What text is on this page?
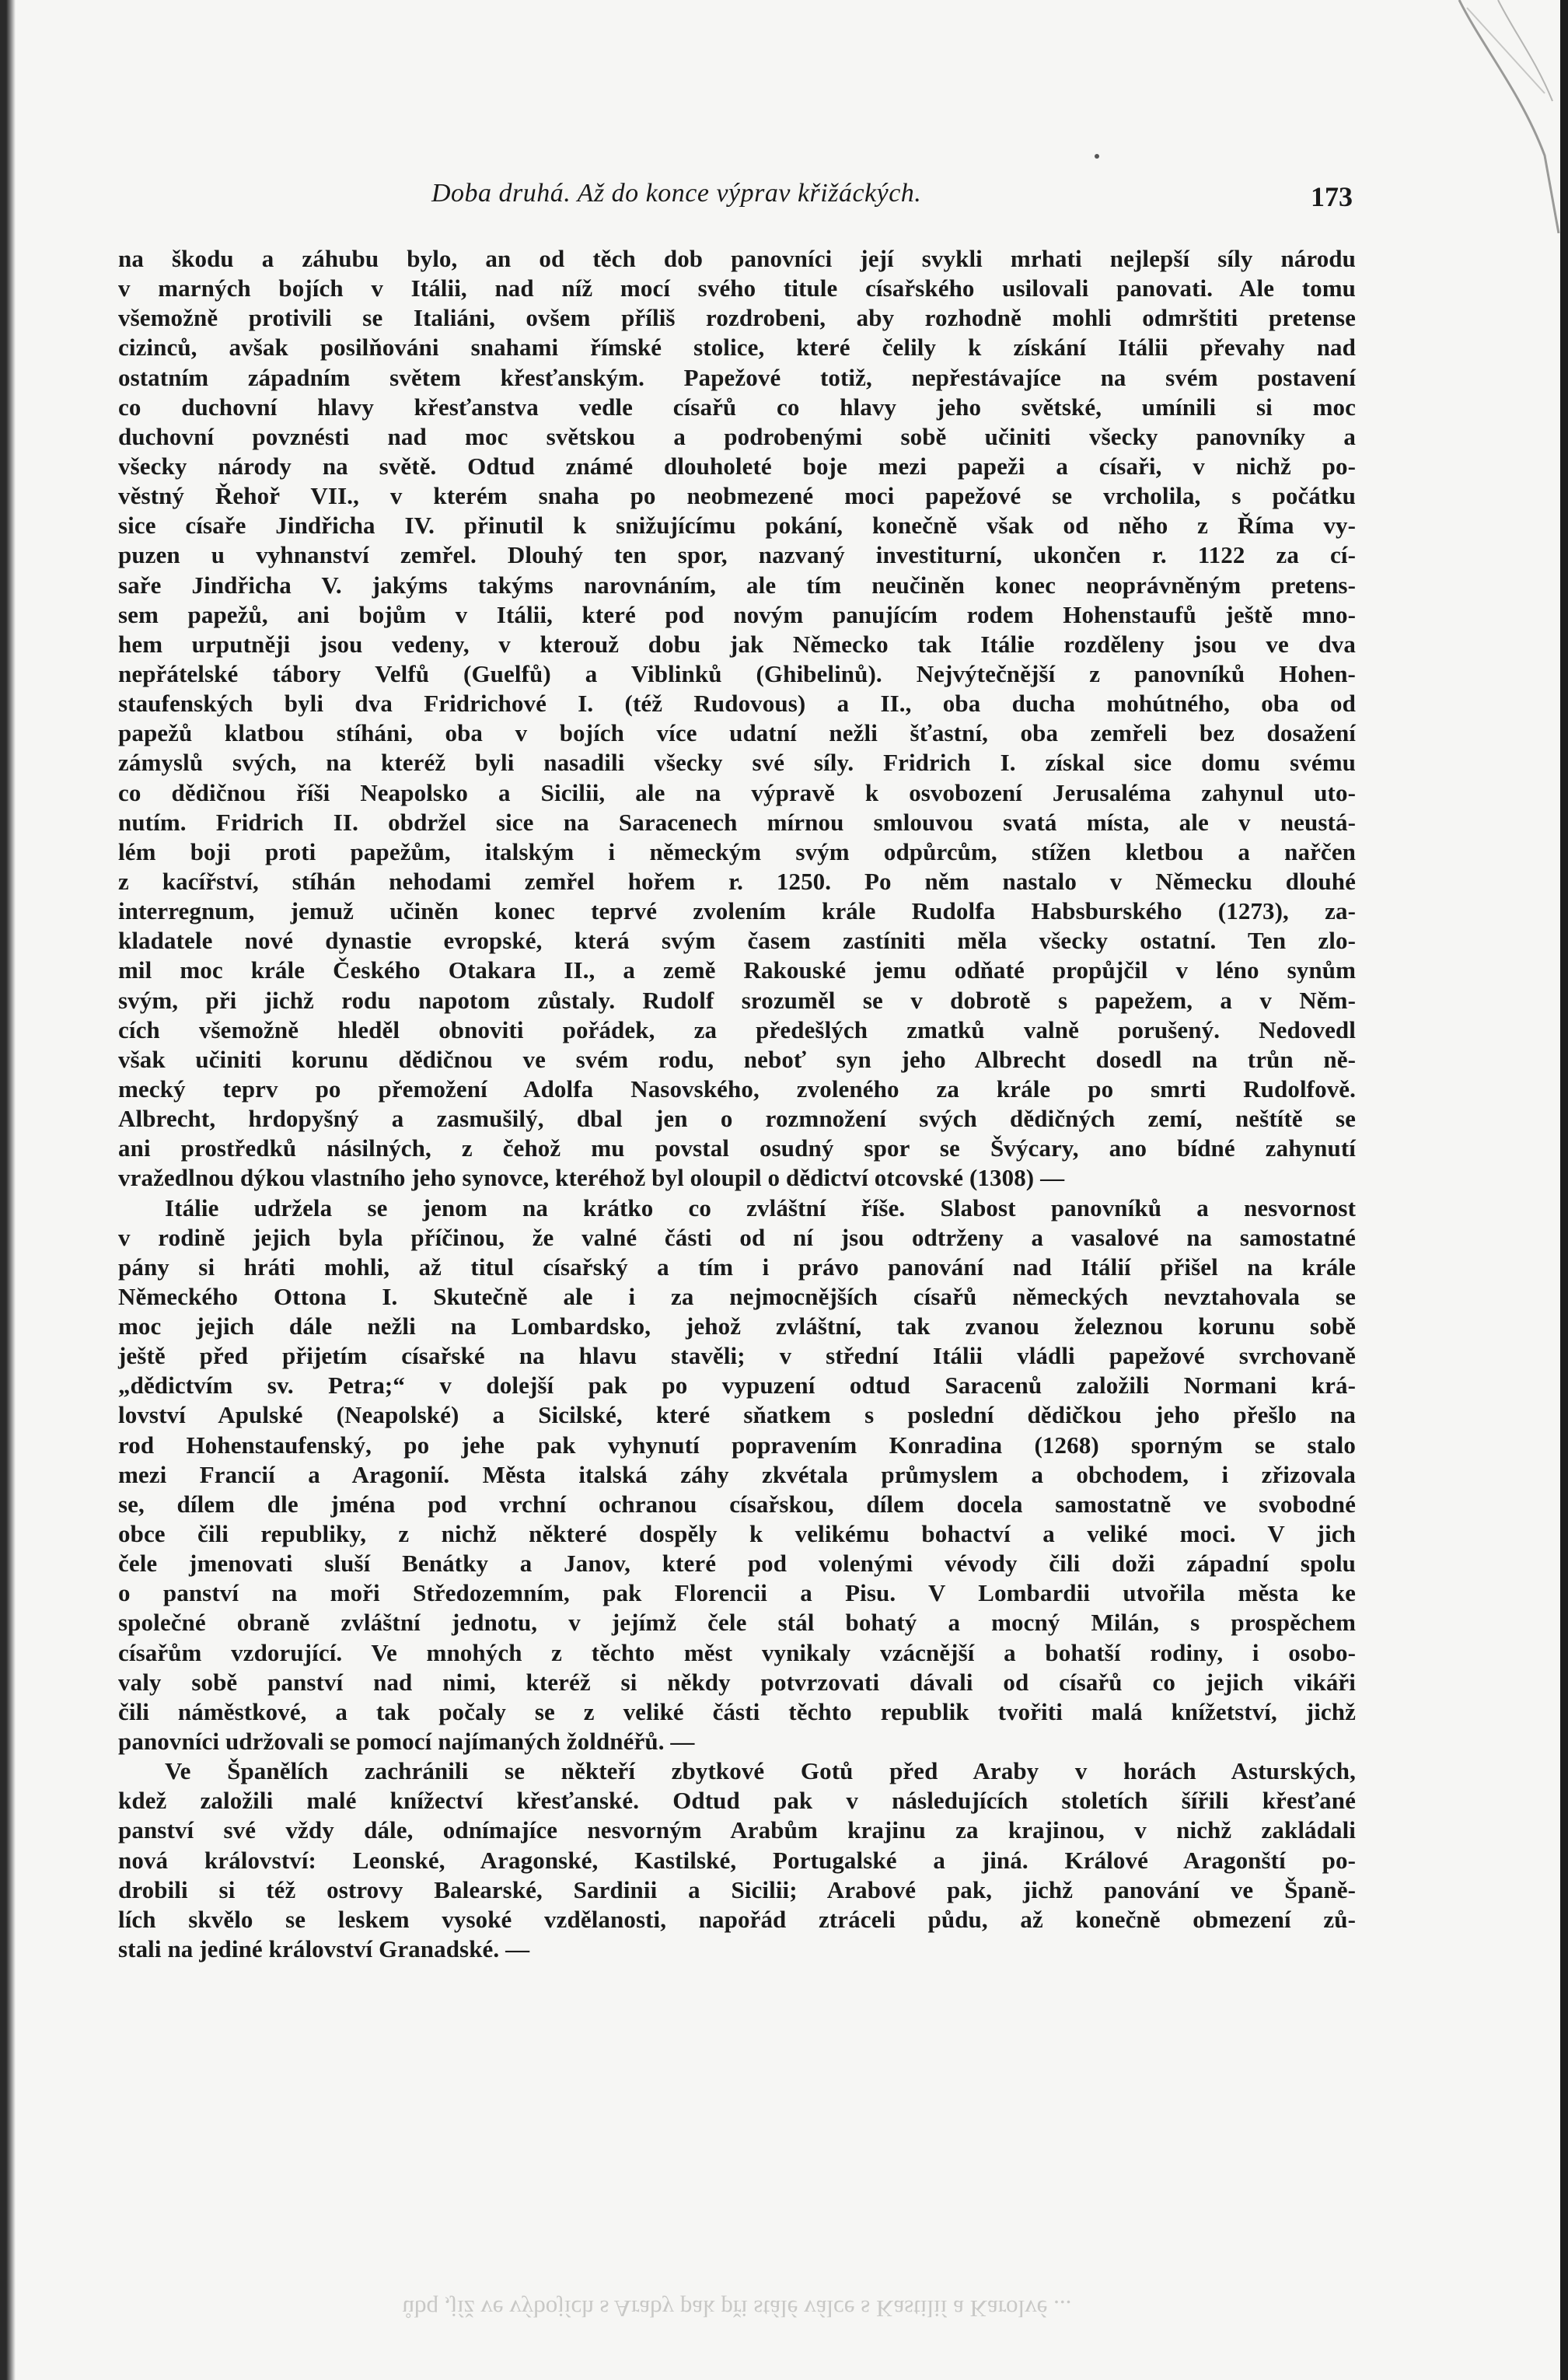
Doba druhá. Až do konce výprav křižáckých.	173
na škodu a záhubu bylo, an od těch dob panovníci její svykli mrhati nejlepší síly národu
v marných bojích v Itálii, nad níž mocí svého titule císařského usilovali panovati. Ale tomu
všemožně protivili se Italiáni, ovšem příliš rozdrobeni, aby rozhodně mohli odmrštiti pretense
cizinců, avšak posilňováni snahami římské stolice, které čelily k získání Itálii převahy nad
ostatním západním světem křesťanským. Papežové totiž, nepřestávajíce na svém postavení
co duchovní hlavy křesťanstva vedle císařů co hlavy jeho světské, umínili si moc
duchovní povznésti nad moc světskou a podrobenými sobě učiniti všecky panovníky a
všecky národy na světě. Odtud známé dlouholeté boje mezi papeži a císaři, v nichž po-
věstný Řehoř VII., v kterém snaha po neobmezené moci papežové se vrcholila, s počátku
sice císaře Jindřicha IV. přinutil k snižujícímu pokání, konečně však od něho z Říma vy-
puzen u vyhnanství zemřel. Dlouhý ten spor, nazvaný investiturní, ukončen r. 1122 za cí-
saře Jindřicha V. jakýms takýms narovnáním, ale tím neučiněn konec neoprávněným pretens-
sem papežů, ani bojům v Itálii, které pod novým panujícím rodem Hohenstaufů ještě mno-
hem urputněji jsou vedeny, v kterouž dobu jak Německo tak Itálie rozděleny jsou ve dva
nepřátelské tábory Velfů (Guelfů) a Viblinků (Ghibelinů). Nejvýtečnější z panovníků Hohen-
staufenských byli dva Fridrichové I. (též Rudovous) a II., oba ducha mohútného, oba od
papežů klatbou stíháni, oba v bojích více udatní nežli šťastní, oba zemřeli bez dosažení
zámyslů svých, na kteréž byli nasadili všecky své síly. Fridrich I. získal sice domu svému
co dědičnou říši Neapolsko a Sicilii, ale na výpravě k osvobození Jerusaléma zahynul uto-
nutím. Fridrich II. obdržel sice na Saracenech mírnou smlouvou svatá místa, ale v neustá-
lém boji proti papežům, italským i německým svým odpůrcům, stížen kletbou a nařčen
z kacířství, stíhán nehodami zemřel hořem r. 1250. Po něm nastalo v Německu dlouhé
interregnum, jemuž učiněn konec teprvé zvolením krále Rudolfa Habsburského (1273), za-
kladatele nové dynastie evropské, která svým časem zastíniti měla všecky ostatní. Ten zlo-
mil moc krále Českého Otakara II., a země Rakouské jemu odňaté propůjčil v léno synům
svým, při jichž rodu napotom zůstaly. Rudolf srozuměl se v dobrotě s papežem, a v Něm-
cích všemožně hleděl obnoviti pořádek, za předešlých zmatků valně porušený. Nedovedl
však učiniti korunu dědičnou ve svém rodu, neboť syn jeho Albrecht dosedl na trůn ně-
mecký teprv po přemožení Adolfa Nasovského, zvoleného za krále po smrti Rudolfově.
Albrecht, hrdopyšný a zasmušilý, dbal jen o rozmnožení svých dědičných zemí, neštítě se
ani prostředků násilných, z čehož mu povstal osudný spor se Švýcary, ano bídné zahynutí
vražedlnou dýkou vlastního jeho synovce, kteréhož byl oloupil o dědictví otcovské (1308) —
Itálie udržela se jenom na krátko co zvláštní říše. Slabost panovníků a nesvornost
v rodině jejich byla příčinou, že valné části od ní jsou odtrženy a vasalové na samostatné
pány si hráti mohli, až titul císařský a tím i právo panování nad Itálií přišel na krále
Německého Ottona I. Skutečně ale i za nejmocnějších císařů německých nevztahovala se
moc jejich dále nežli na Lombardsko, jehož zvláštní, tak zvanou železnou korunu sobě
ještě před přijetím císařské na hlavu stavěli; v střední Itálii vládli papežové svrchovaně
„dědictvím sv. Petra;“ v dolejší pak po vypuzení odtud Saracenů založili Normani krá-
lovství Apulské (Neapolské) a Sicilské, které sňatkem s poslední dědičkou jeho přešlo na
rod Hohenstaufenský, po jehe pak vyhynutí popravením Konradina (1268) sporným se stalo
mezi Francií a Aragonií. Města italská záhy zkvétala průmyslem a obchodem, i zřizovala
se, dílem dle jména pod vrchní ochranou císařskou, dílem docela samostatně ve svobodné
obce čili republiky, z nichž některé dospěly k velikému bohactví a veliké moci. V jich
čele jmenovati sluší Benátky a Janov, které pod volenými vévody čili doži západní spolu
o panství na moři Středozemním, pak Florencii a Pisu. V Lombardii utvořila města ke
společné obraně zvláštní jednotu, v jejímž čele stál bohatý a mocný Milán, s prospěchem
císařům vzdorující. Ve mnohých z těchto měst vynikaly vzácnější a bohatší rodiny, i osobo-
valy sobě panství nad nimi, kteréž si někdy potvrzovati dávali od císařů co jejich vikáři
čili náměstkové, a tak počaly se z veliké části těchto republik tvořiti malá knížetství, jichž
panovníci udržovali se pomocí najímaných žoldnéřů. —
Ve Španělích zachránili se někteří zbytkové Gotů před Araby v horách Asturských,
kdež založili malé knížectví křesťanské. Odtud pak v následujících stoletích šířili křesťané
panství své vždy dále, odnímajíce nesvorným Arabům krajinu za krajinou, v nichž zakládali
nová království: Leonské, Aragonské, Kastilské, Portugalské a jiná. Králové Aragonští po-
drobili si též ostrovy Balearské, Sardinii a Sicilii; Arabové pak, jichž panování ve Španě-
lích skvělo se leskem vysoké vzdělanosti, napořád ztráceli půdu, až konečně obmezení zů-
stali na jediné království Granadské. —
ůbq ,jíž ve výbojích s Araby pak při stálé válce s Kastilií a Karolvé ...
